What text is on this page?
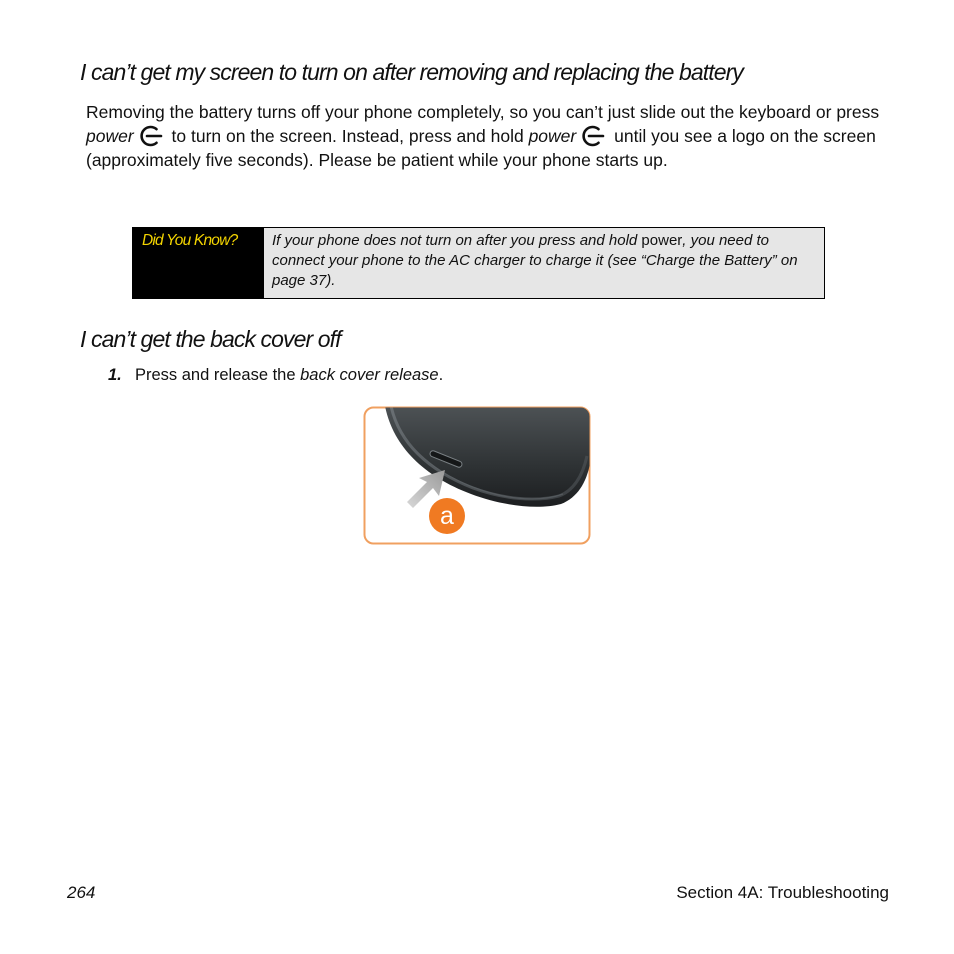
I can’t get my screen to turn on after removing and replacing the battery

Removing the battery turns off your phone completely, so you can’t just slide out the keyboard or press power to turn on the screen. Instead, press and hold power until you see a logo on the screen (approximately five seconds). Please be patient while your phone starts up.

Did You Know?	If your phone does not turn on after you press and hold power, you need to connect your phone to the AC charger to charge it (see “Charge the Battery” on page 37).
I can’t get the back cover off
1. Press and release the back cover release.
a
264	Section 4A: Troubleshooting
